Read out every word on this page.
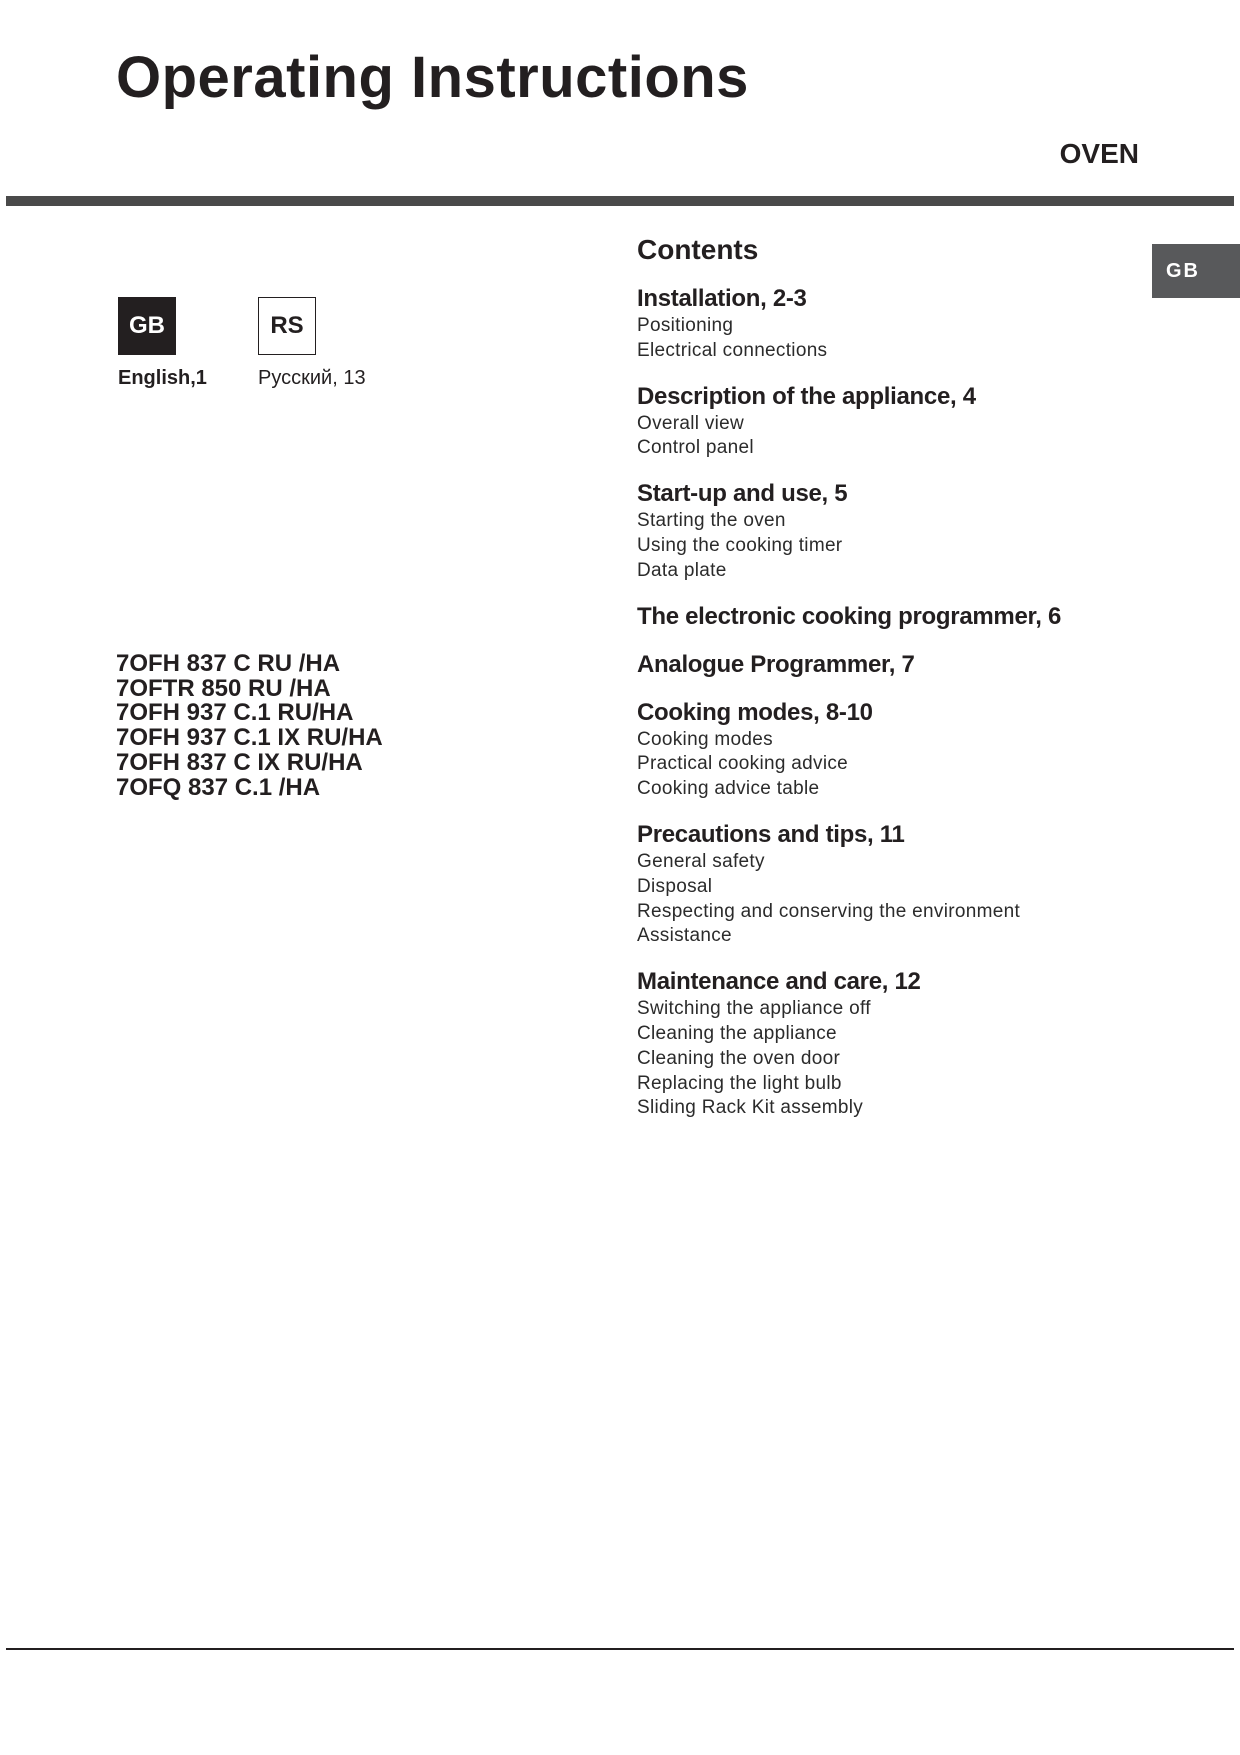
Operating Instructions
OVEN
GB
GB
English,1
RS
Русский, 13
7OFH 837 C RU /HA
7OFTR 850 RU /HA
7OFH 937 C.1 RU/HA
7OFH 937 C.1 IX RU/HA
7OFH 837 C IX RU/HA
7OFQ 837 C.1 /HA
Contents
Installation, 2-3
Positioning
Electrical connections
Description of the appliance, 4
Overall view
Control panel
Start-up and use, 5
Starting the oven
Using the cooking timer
Data plate
The electronic cooking programmer, 6
Analogue Programmer, 7
Cooking modes, 8-10
Cooking modes
Practical cooking advice
Cooking advice table
Precautions and tips, 11
General safety
Disposal
Respecting and conserving the environment
Assistance
Maintenance and care, 12
Switching the appliance off
Cleaning the appliance
Cleaning the oven door
Replacing the light bulb
Sliding Rack Kit assembly
